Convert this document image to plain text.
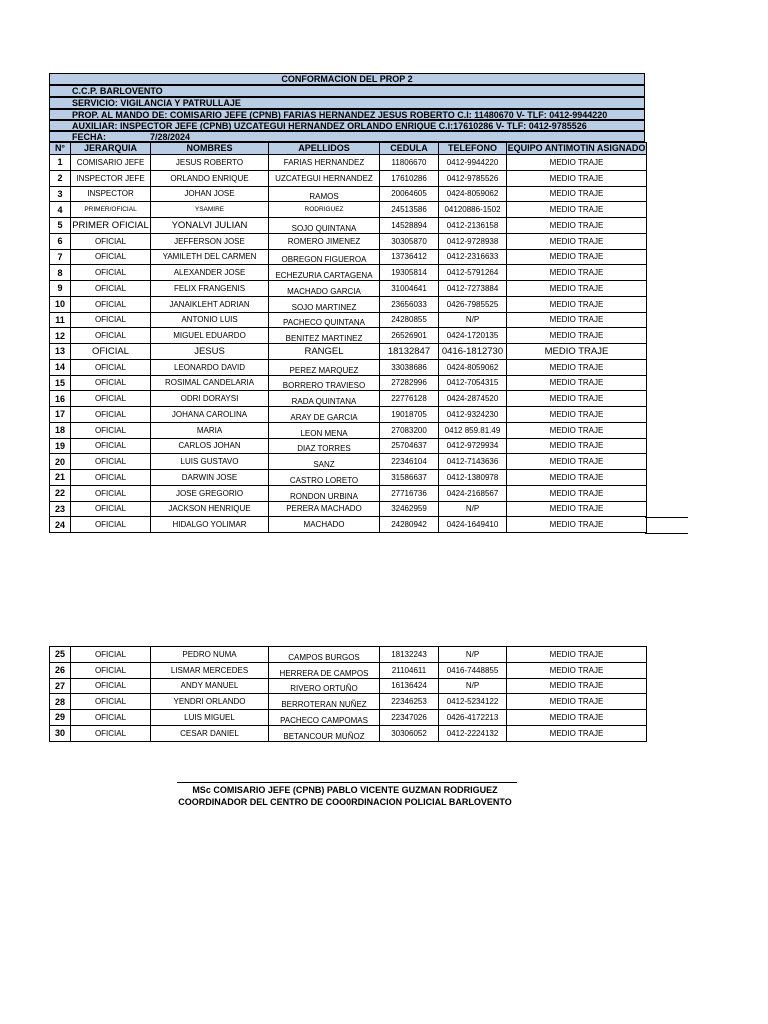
CONFORMACION DEL PROP 2
C.C.P. BARLOVENTO
SERVICIO: VIGILANCIA Y PATRULLAJE
PROP. AL MANDO DE: COMISARIO JEFE (CPNB) FARIAS HERNANDEZ JESUS ROBERTO C.I: 11480670 V- TLF: 0412-9944220
AUXILIAR: INSPECTOR JEFE (CPNB) UZCATEGUI HERNANDEZ ORLANDO ENRIQUE C.I:17610286 V- TLF: 0412-9785526
FECHA:	7/28/2024
N°	JERARQUIA	NOMBRES	APELLIDOS	CEDULA	TELEFONO	EQUIPO ANTIMOTIN ASIGNADO
1	COMISARIO JEFE	JESUS ROBERTO	FARIAS HERNANDEZ	11806670	0412-9944220	MEDIO TRAJE
2	INSPECTOR JEFE	ORLANDO ENRIQUE	UZCATEGUI HERNANDEZ	17610286	0412-9785526	MEDIO TRAJE
3	INSPECTOR	JOHAN JOSE	RAMOS	20064605	0424-8059062	MEDIO TRAJE
4	PRIMER/OFICIAL	YSAMIRE	RODRIGUEZ	24513586	04120886-1502	MEDIO TRAJE
5	PRIMER OFICIAL	YONALVI JULIAN	SOJO QUINTANA	14528894	0412-2136158	MEDIO TRAJE
6	OFICIAL	JEFFERSON JOSE	ROMERO JIMENEZ	30305870	0412-9728938	MEDIO TRAJE
7	OFICIAL	YAMILETH DEL CARMEN	OBREGON FIGUEROA	13736412	0412-2316633	MEDIO TRAJE
8	OFICIAL	ALEXANDER JOSE	ECHEZURIA CARTAGENA	19305814	0412-5791264	MEDIO TRAJE
9	OFICIAL	FELIX FRANGENIS	MACHADO GARCIA	31004641	0412-7273884	MEDIO TRAJE
10	OFICIAL	JANAIKLEHT ADRIAN	SOJO MARTINEZ	23656033	0426-7985525	MEDIO TRAJE
11	OFICIAL	ANTONIO LUIS	PACHECO QUINTANA	24280855	N/P	MEDIO TRAJE
12	OFICIAL	MIGUEL EDUARDO	BENITEZ MARTINEZ	26526901	0424-1720135	MEDIO TRAJE
13	OFICIAL	JESUS	RANGEL	18132847	0416-1812730	MEDIO TRAJE
14	OFICIAL	LEONARDO DAVID	PEREZ MARQUEZ	33038686	0424-8059062	MEDIO TRAJE
15	OFICIAL	ROSIMAL CANDELARIA	BORRERO TRAVIESO	27282996	0412-7054315	MEDIO TRAJE
16	OFICIAL	ODRI DORAYSI	RADA QUINTANA	22776128	0424-2874520	MEDIO TRAJE
17	OFICIAL	JOHANA CAROLINA	ARAY DE GARCIA	19018705	0412-9324230	MEDIO TRAJE
18	OFICIAL	MARIA	LEON MENA	27083200	0412 859.81.49	MEDIO TRAJE
19	OFICIAL	CARLOS JOHAN	DIAZ TORRES	25704637	0412-9729934	MEDIO TRAJE
20	OFICIAL	LUIS GUSTAVO	SANZ	22346104	0412-7143636	MEDIO TRAJE
21	OFICIAL	DARWIN JOSE	CASTRO LORETO	31586637	0412-1380978	MEDIO TRAJE
22	OFICIAL	JOSE GREGORIO	RONDON URBINA	27716736	0424-2168567	MEDIO TRAJE
23	OFICIAL	JACKSON HENRIQUE	PERERA MACHADO	32462959	N/P	MEDIO TRAJE
24	OFICIAL	HIDALGO YOLIMAR	MACHADO	24280942	0424-1649410	MEDIO TRAJE
25	OFICIAL	PEDRO NUMA	CAMPOS BURGOS	18132243	N/P	MEDIO TRAJE
26	OFICIAL	LISMAR MERCEDES	HERRERA DE CAMPOS	21104611	0416-7448855	MEDIO TRAJE
27	OFICIAL	ANDY MANUEL	RIVERO ORTUÑO	16136424	N/P	MEDIO TRAJE
28	OFICIAL	YENDRI ORLANDO	BERROTERAN NUÑEZ	22346253	0412-5234122	MEDIO TRAJE
29	OFICIAL	LUIS MIGUEL	PACHECO CAMPOMAS	22347026	0426-4172213	MEDIO TRAJE
30	OFICIAL	CESAR DANIEL	BETANCOUR MUÑOZ	30306052	0412-2224132	MEDIO TRAJE
MSc COMISARIO JEFE (CPNB) PABLO VICENTE GUZMAN RODRIGUEZ
COORDINADOR DEL CENTRO DE COO0RDINACION POLICIAL BARLOVENTO
